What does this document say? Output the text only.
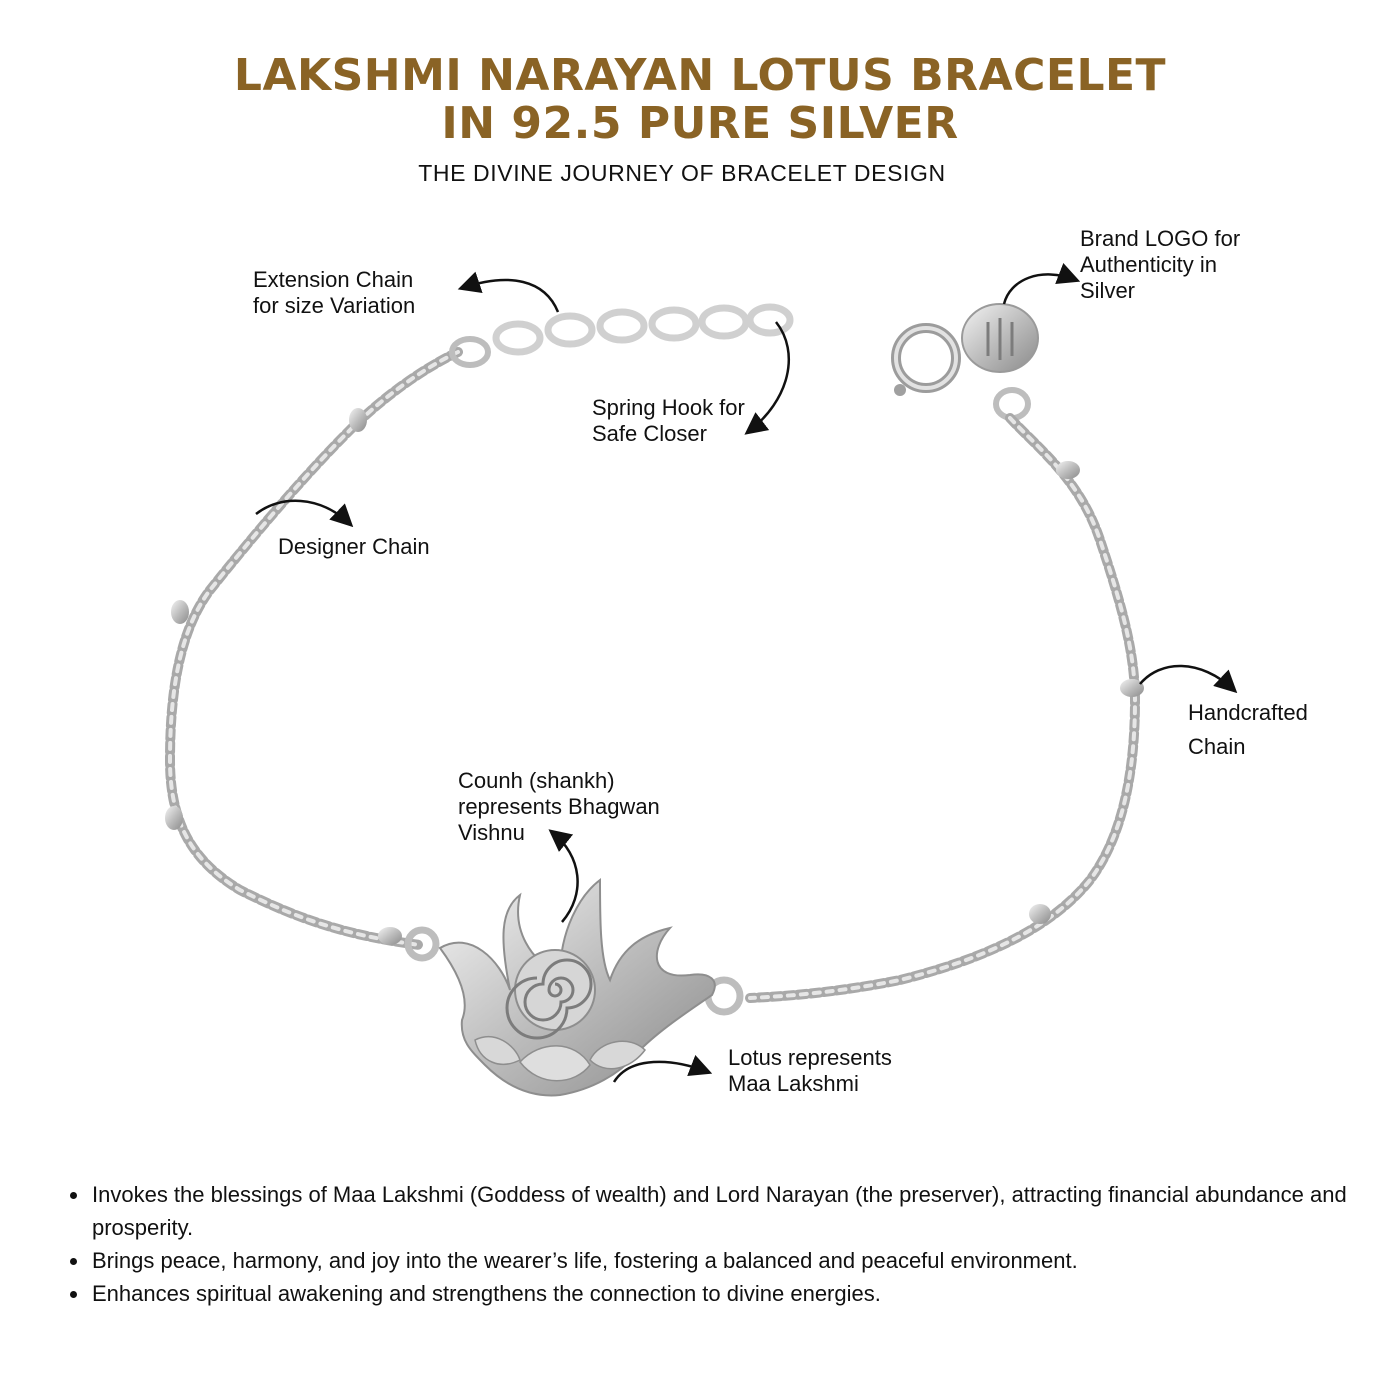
LAKSHMI NARAYAN LOTUS BRACELET
IN 92.5 PURE SILVER
THE DIVINE JOURNEY OF BRACELET DESIGN
Extension Chain
for size Variation
Spring Hook for
Safe Closer
Brand LOGO for
Authenticity in
Silver
Designer Chain
Handcrafted
Chain
Counh (shankh)
represents Bhagwan
Vishnu
Lotus represents
Maa Lakshmi
• Invokes the blessings of Maa Lakshmi (Goddess of wealth) and Lord Narayan (the preserver), attracting financial abundance and prosperity.
• Brings peace, harmony, and joy into the wearer’s life, fostering a balanced and peaceful environment.
• Enhances spiritual awakening and strengthens the connection to divine energies.
